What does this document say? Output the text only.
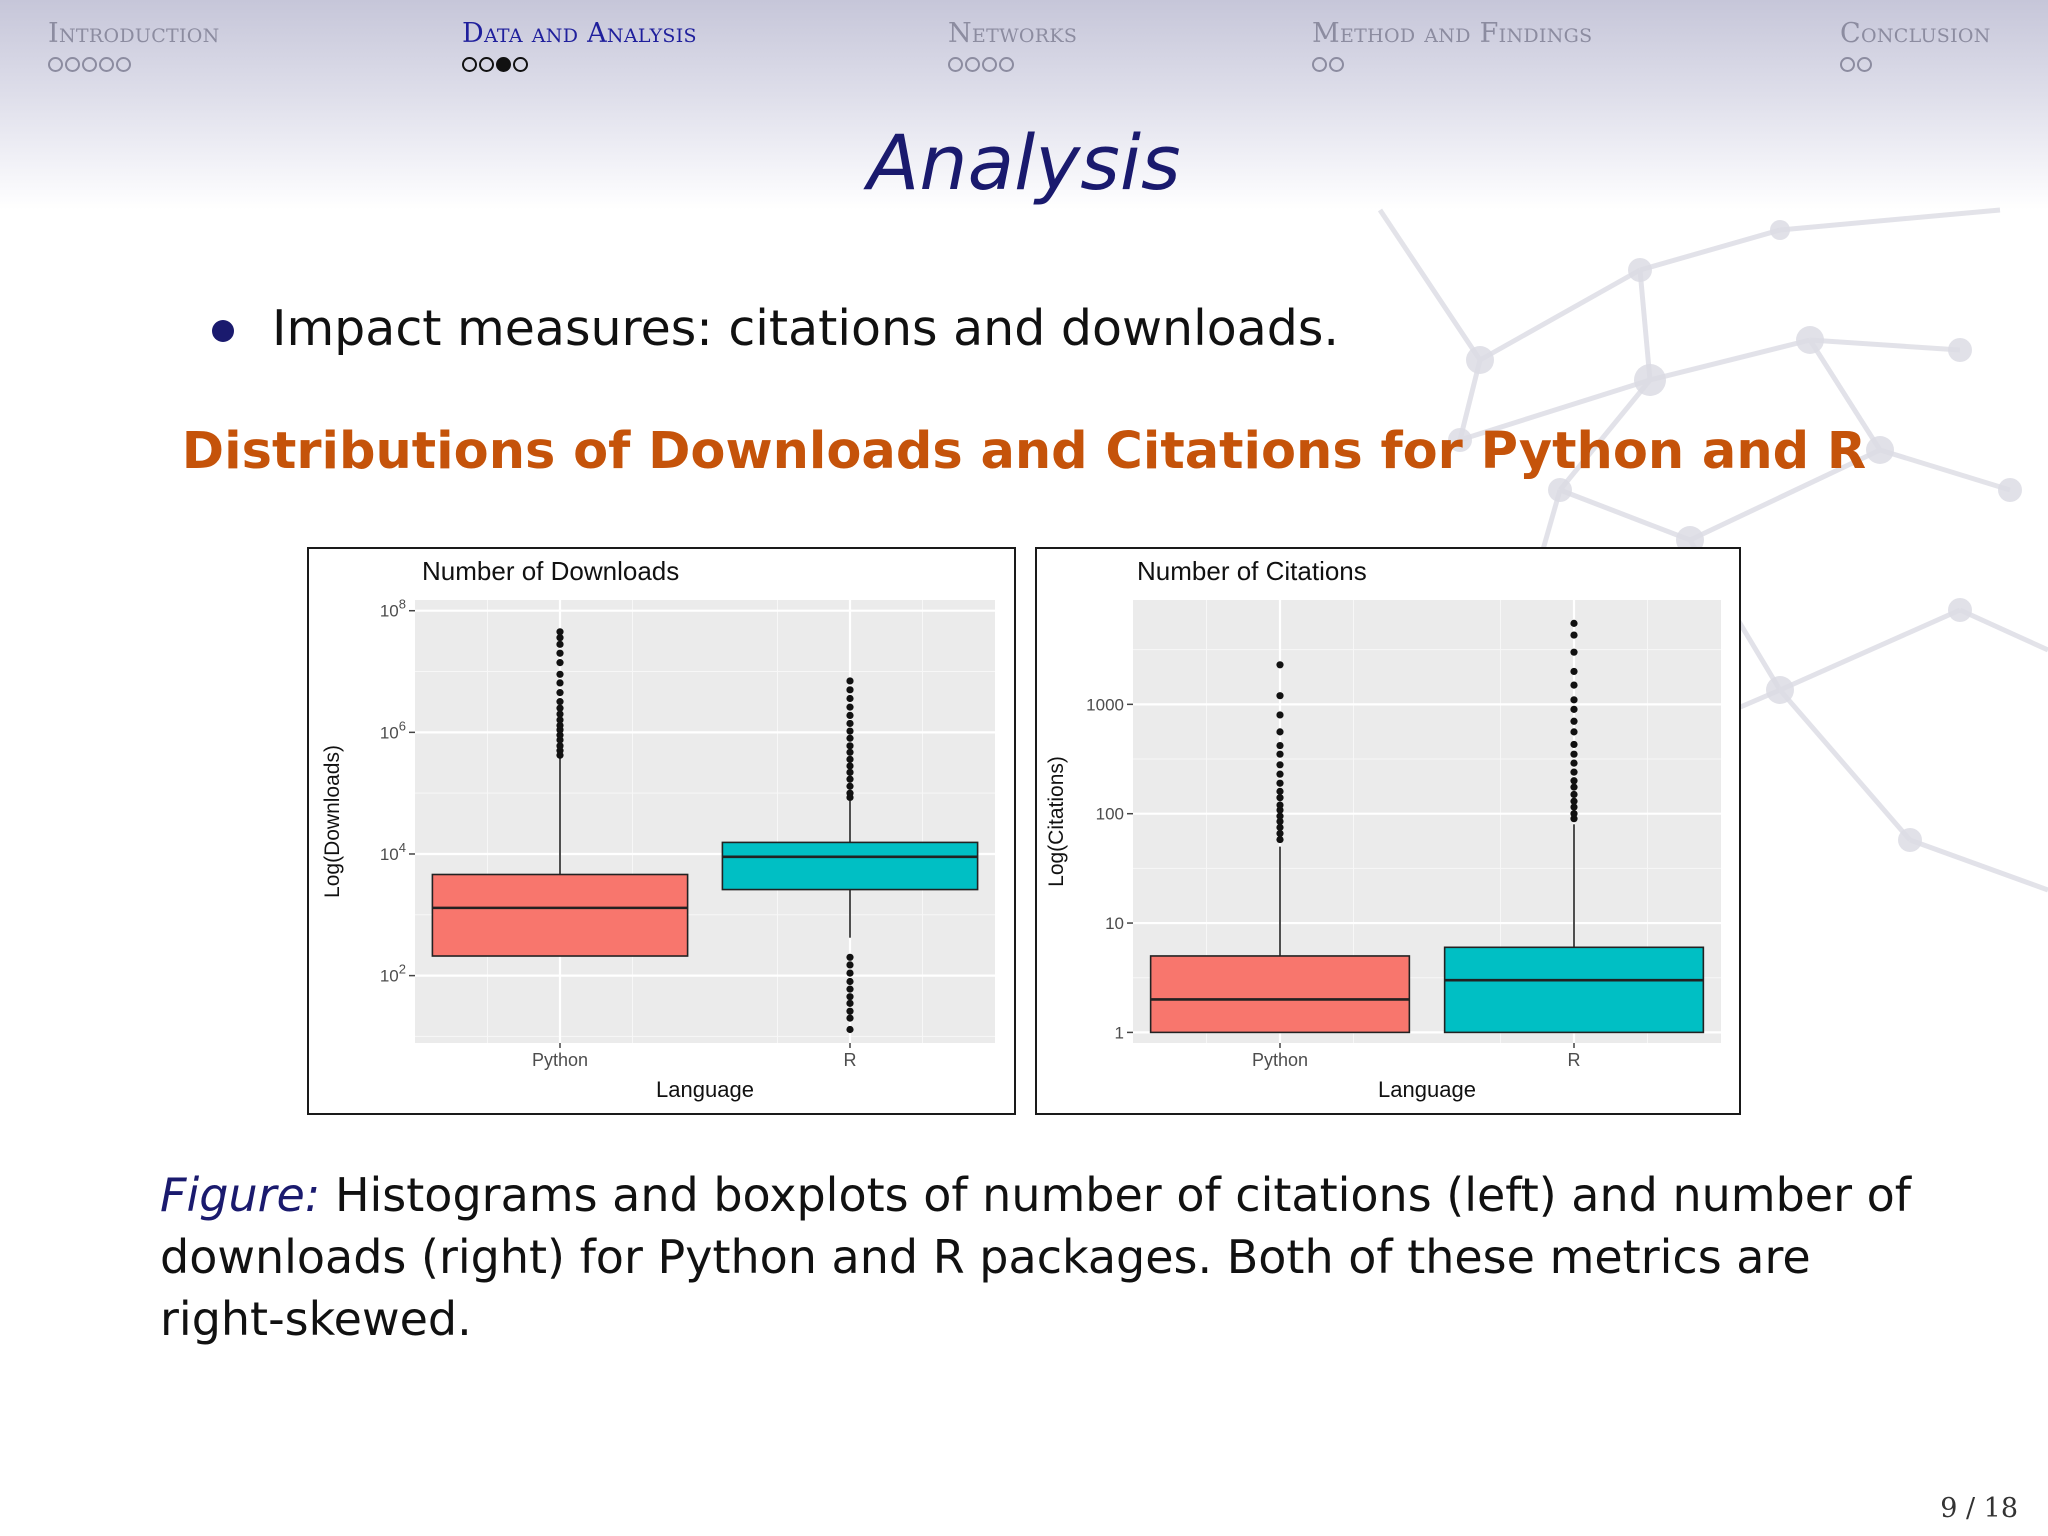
Introduction	Data and Analysis	Networks	Method and Findings	Conclusion
Analysis
Impact measures: citations and downloads.
Distributions of Downloads and Citations for Python and R
$10^2$
$10^4$
$10^6$
$10^8$
Python	R
Number of Downloads
Language
Log(Downloads)
1
10
100
1000
Python	R
Number of Citations
Language
Log(Citations)
Figure: Histograms and boxplots of number of citations (left) and number of downloads (right) for Python and R packages. Both of these metrics are right-skewed.
9 / 18
